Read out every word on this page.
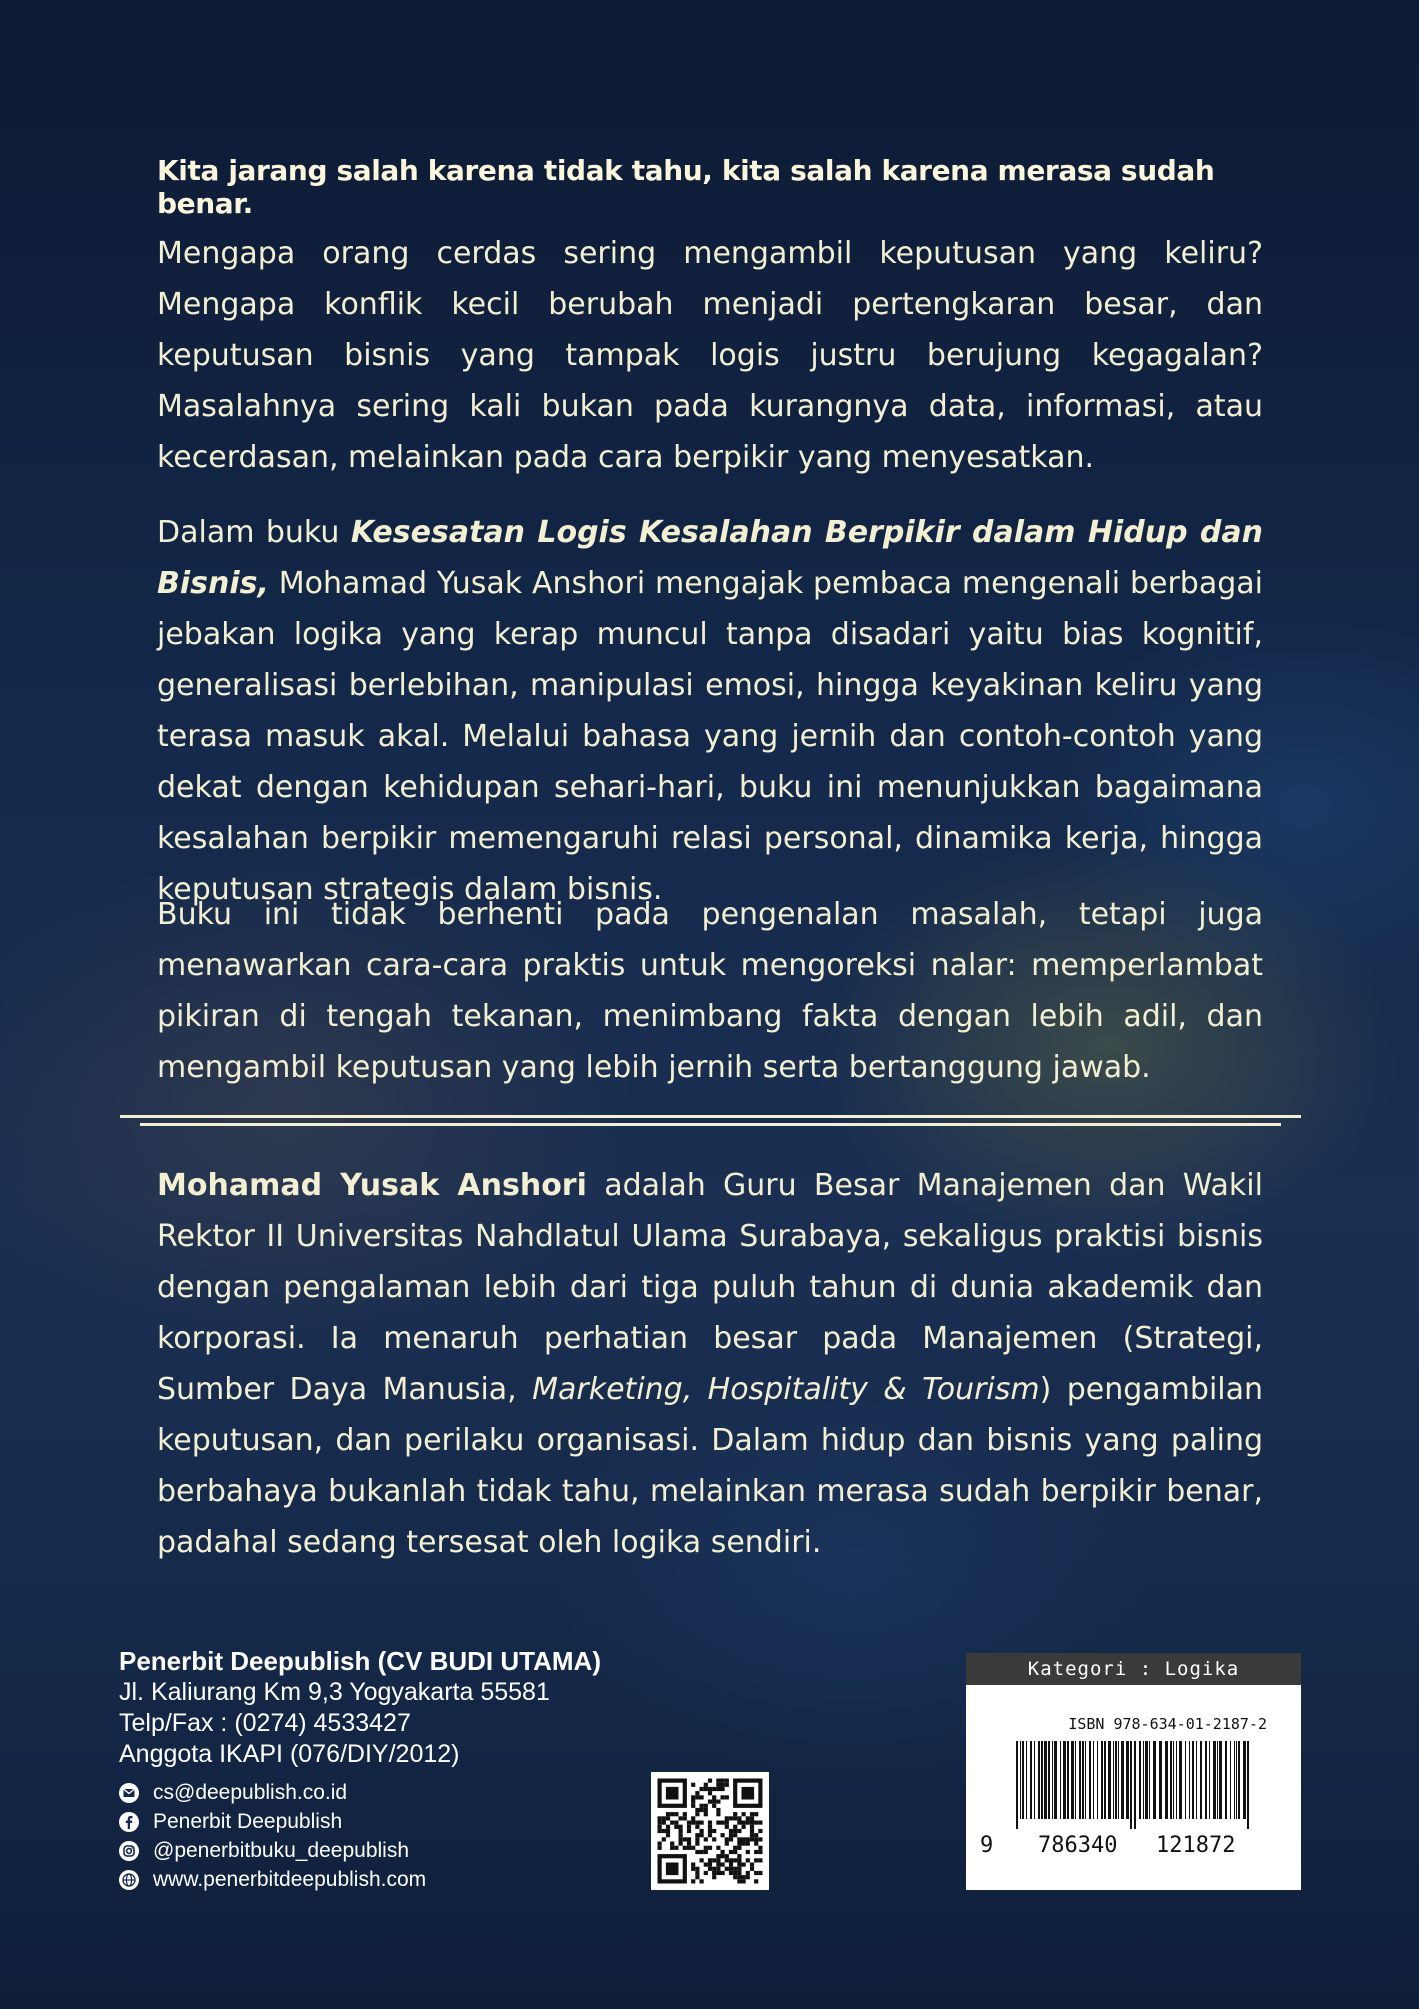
Kita jarang salah karena tidak tahu, kita salah karena merasa sudah benar.

Mengapa orang cerdas sering mengambil keputusan yang keliru? Mengapa konflik kecil berubah menjadi pertengkaran besar, dan keputusan bisnis yang tampak logis justru berujung kegagalan? Masalahnya sering kali bukan pada kurangnya data, informasi, atau kecerdasan, melainkan pada cara berpikir yang menyesatkan.

Dalam buku Kesesatan Logis Kesalahan Berpikir dalam Hidup dan Bisnis, Mohamad Yusak Anshori mengajak pembaca mengenali berbagai jebakan logika yang kerap muncul tanpa disadari yaitu bias kognitif, generalisasi berlebihan, manipulasi emosi, hingga keyakinan keliru yang terasa masuk akal. Melalui bahasa yang jernih dan contoh-contoh yang dekat dengan kehidupan sehari-hari, buku ini menunjukkan bagaimana kesalahan berpikir memengaruhi relasi personal, dinamika kerja, hingga keputusan strategis dalam bisnis.

Buku ini tidak berhenti pada pengenalan masalah, tetapi juga menawarkan cara-cara praktis untuk mengoreksi nalar: memperlambat pikiran di tengah tekanan, menimbang fakta dengan lebih adil, dan mengambil keputusan yang lebih jernih serta bertanggung jawab.

Mohamad Yusak Anshori adalah Guru Besar Manajemen dan Wakil Rektor II Universitas Nahdlatul Ulama Surabaya, sekaligus praktisi bisnis dengan pengalaman lebih dari tiga puluh tahun di dunia akademik dan korporasi. Ia menaruh perhatian besar pada Manajemen (Strategi, Sumber Daya Manusia, Marketing, Hospitality & Tourism) pengambilan keputusan, dan perilaku organisasi. Dalam hidup dan bisnis yang paling berbahaya bukanlah tidak tahu, melainkan merasa sudah berpikir benar, padahal sedang tersesat oleh logika sendiri.

Penerbit Deepublish (CV BUDI UTAMA)
Jl. Kaliurang Km 9,3 Yogyakarta 55581
Telp/Fax : (0274) 4533427
Anggota IKAPI (076/DIY/2012)
cs@deepublish.co.id
Penerbit Deepublish
@penerbitbuku_deepublish
www.penerbitdeepublish.com
Kategori : Logika
ISBN 978-634-01-2187-2
9 786340 121872
